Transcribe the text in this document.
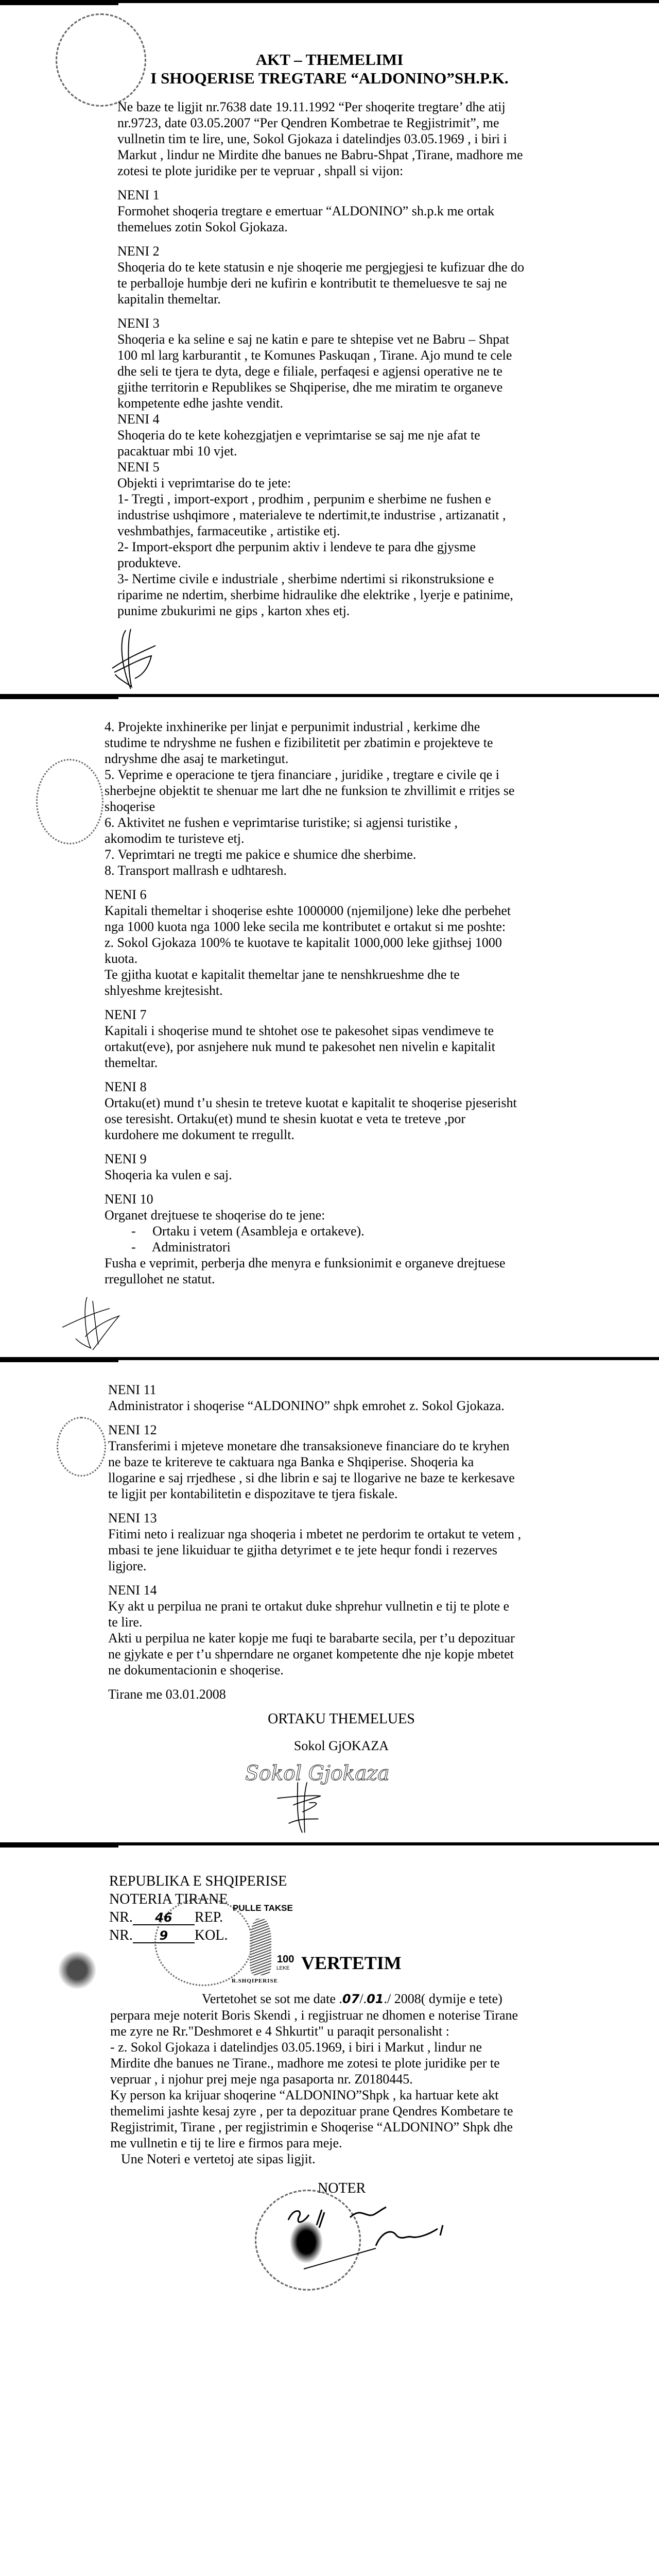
AKT – THEMELIMI
I SHOQERISE TREGTARE “ALDONINO”SH.P.K.
Ne baze te ligjit nr.7638 date 19.11.1992 “Per shoqerite tregtare’ dhe atij
nr.9723, date 03.05.2007 “Per Qendren Kombetrae te Regjistrimit”, me
vullnetin tim te lire, une, Sokol Gjokaza i datelindjes 03.05.1969 , i biri i
Markut , lindur ne Mirdite dhe banues ne Babru-Shpat ,Tirane, madhore me
zotesi te plote juridike per te vepruar , shpall si vijon:
NENI 1
Formohet shoqeria tregtare e emertuar “ALDONINO” sh.p.k me ortak
themelues zotin Sokol Gjokaza.
NENI 2
Shoqeria do te kete statusin e nje shoqerie me pergjegjesi te kufizuar dhe do
te perballoje humbje deri ne kufirin e kontributit te themeluesve te saj ne
kapitalin themeltar.
NENI 3
Shoqeria e ka seline e saj ne katin e pare te shtepise vet ne Babru – Shpat
100 ml larg karburantit , te Komunes Paskuqan , Tirane. Ajo mund te cele
dhe seli te tjera te dyta, dege e filiale, perfaqesi e agjensi operative ne te
gjithe territorin e Republikes se Shqiperise, dhe me miratim te organeve
kompetente edhe jashte vendit.
NENI 4
Shoqeria do te kete kohezgjatjen e veprimtarise se saj me nje afat te
pacaktuar mbi 10 vjet.
NENI 5
Objekti i veprimtarise do te jete:
1- Tregti , import-export , prodhim , perpunim e sherbime ne fushen e
industrise ushqimore , materialeve te ndertimit,te industrise , artizanatit ,
veshmbathjes, farmaceutike , artistike etj.
2- Import-eksport dhe perpunim aktiv i lendeve te para dhe gjysme
produkteve.
3- Nertime civile e industriale , sherbime ndertimi si rikonstruksione e
riparime ne ndertim, sherbime hidraulike dhe elektrike , lyerje e patinime,
punime zbukurimi ne gips , karton xhes etj.
4. Projekte inxhinerike per linjat e perpunimit industrial , kerkime dhe
studime te ndryshme ne fushen e fizibilitetit per zbatimin e projekteve te
ndryshme dhe asaj te marketingut.
5. Veprime e operacione te tjera financiare , juridike , tregtare e civile qe i
sherbejne objektit te shenuar me lart dhe ne funksion te zhvillimit e rritjes se
shoqerise
6. Aktivitet ne fushen e veprimtarise turistike; si agjensi turistike ,
akomodim te turisteve etj.
7. Veprimtari ne tregti me pakice e shumice dhe sherbime.
8. Transport mallrash e udhtaresh.
NENI 6
Kapitali themeltar i shoqerise eshte 1000000 (njemiljone) leke dhe perbehet
nga 1000 kuota nga 1000 leke secila me kontributet e ortakut si me poshte:
z. Sokol Gjokaza 100% te kuotave te kapitalit 1000,000 leke gjithsej 1000
kuota.
Te gjitha kuotat e kapitalit themeltar jane te nenshkrueshme dhe te
shlyeshme krejtesisht.
NENI 7
Kapitali i shoqerise mund te shtohet ose te pakesohet sipas vendimeve te
ortakut(eve), por asnjehere nuk mund te pakesohet nen nivelin e kapitalit
themeltar.
NENI 8
Ortaku(et) mund t’u shesin te treteve kuotat e kapitalit te shoqerise pjeserisht
ose teresisht. Ortaku(et) mund te shesin kuotat e veta te treteve ,por
kurdohere me dokument te rregullt.
NENI 9
Shoqeria ka vulen e saj.
NENI 10
Organet drejtuese te shoqerise do te jene:
-     Ortaku i vetem (Asambleja e ortakeve).
-     Administratori
Fusha e veprimit, perberja dhe menyra e funksionimit e organeve drejtuese
rregullohet ne statut.
NENI 11
Administrator i shoqerise “ALDONINO” shpk emrohet z. Sokol Gjokaza.
NENI 12
Transferimi i mjeteve monetare dhe transaksioneve financiare do te kryhen
ne baze te kritereve te caktuara nga Banka e Shqiperise. Shoqeria ka
llogarine e saj rrjedhese , si dhe librin e saj te llogarive ne baze te kerkesave
te ligjit per kontabilitetin e dispozitave te tjera fiskale.
NENI 13
Fitimi neto i realizuar nga shoqeria i mbetet ne perdorim te ortakut te vetem ,
mbasi te jene likuiduar te gjitha detyrimet e te jete hequr fondi i rezerves
ligjore.
NENI 14
Ky akt u perpilua ne prani te ortakut duke shprehur vullnetin e tij te plote e
te lire.
Akti u perpilua ne kater kopje me fuqi te barabarte secila, per t’u depozituar
ne gjykate e per t’u shperndare ne organet kompetente dhe nje kopje mbetet
ne dokumentacionin e shoqerise.
Tirane me 03.01.2008
ORTAKU THEMELUES
Sokol GjOKAZA
Sokol Gjokaza
REPUBLIKA E SHQIPERISE
NOTERIA TIRANE
NR. 46 REP.
NR. 9 KOL.
PULLE TAKSE
100
LEKE
R.SHQIPERISE
VERTETIM
Vertetohet se sot me date .07/.01./ 2008( dymije e tete)
perpara meje noterit Boris Skendi , i regjistruar ne dhomen e noterise Tirane
me zyre ne Rr."Deshmoret e 4 Shkurtit" u paraqit personalisht :
- z. Sokol Gjokaza i datelindjes 03.05.1969, i biri i Markut , lindur ne
Mirdite dhe banues ne Tirane., madhore me zotesi te plote juridike per te
vepruar , i njohur prej meje nga pasaporta nr. Z0180445.
Ky person ka krijuar shoqerine “ALDONINO”Shpk , ka hartuar kete akt
themelimi jashte kesaj zyre , per ta depozituar prane Qendres Kombetare te
Regjistrimit, Tirane , per regjistrimin e Shoqerise “ALDONINO” Shpk dhe
me vullnetin e tij te lire e firmos para meje.
Une Noteri e vertetoj ate sipas ligjit.
NOTER
